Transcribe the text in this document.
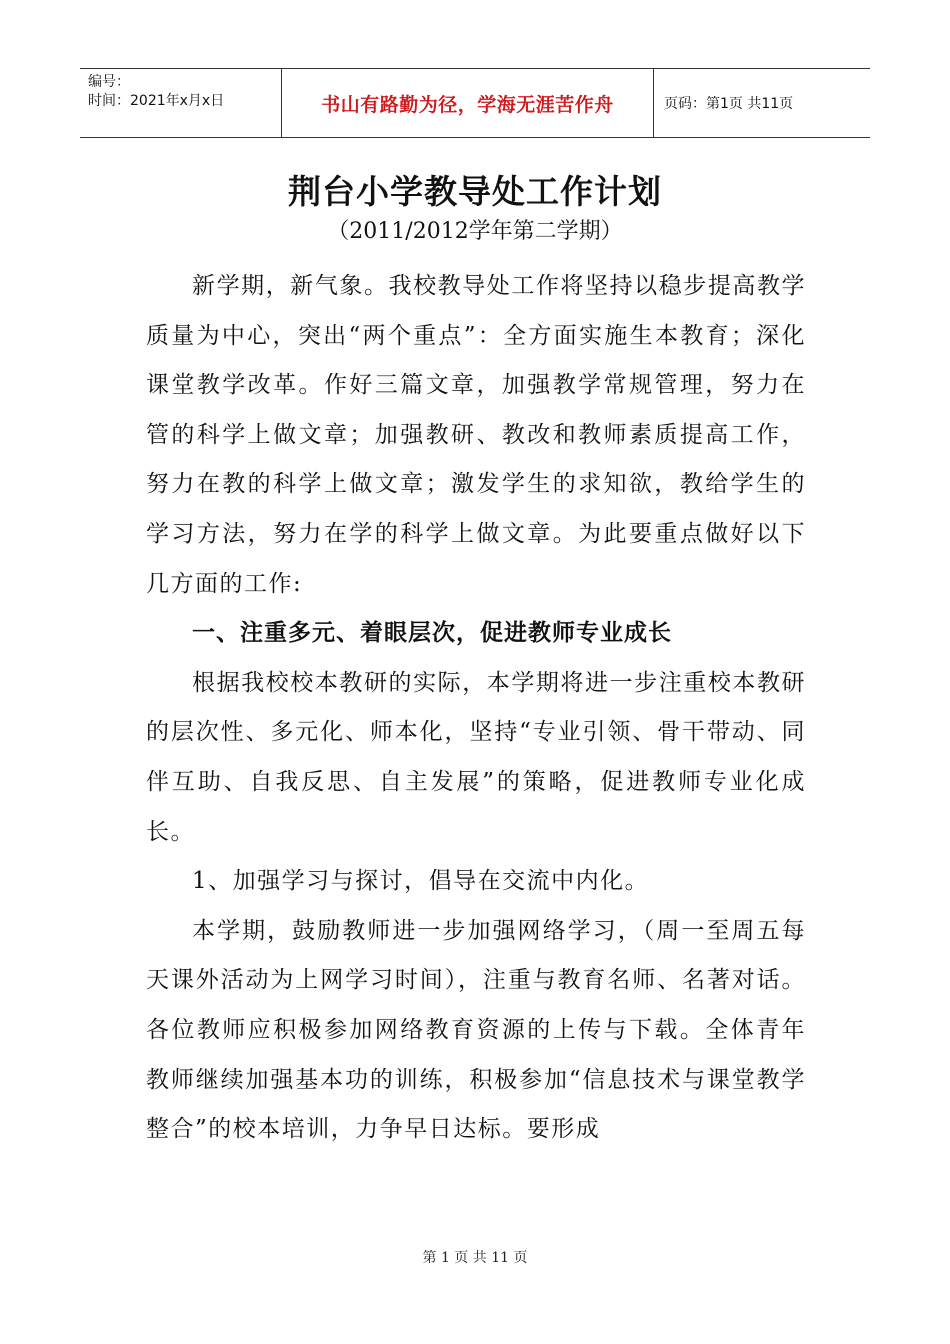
编号：
时间：2021年x月x日	书山有路勤为径，学海无涯苦作舟	页码：第1页 共11页
荆台小学教导处工作计划
（2011/2012学年第二学期）

新学期，新气象。我校教导处工作将坚持以稳步提高教学质量为中心，突出“两个重点”：全方面实施生本教育；深化课堂教学改革。作好三篇文章，加强教学常规管理，努力在管的科学上做文章；加强教研、教改和教师素质提高工作，努力在教的科学上做文章；激发学生的求知欲，教给学生的学习方法，努力在学的科学上做文章。为此要重点做好以下几方面的工作:

一、注重多元、着眼层次，促进教师专业成长

根据我校校本教研的实际，本学期将进一步注重校本教研的层次性、多元化、师本化，坚持“专业引领、骨干带动、同伴互助、自我反思、自主发展”的策略，促进教师专业化成长。

1、加强学习与探讨，倡导在交流中内化。

本学期，鼓励教师进一步加强网络学习，（周一至周五每天课外活动为上网学习时间），注重与教育名师、名著对话。各位教师应积极参加网络教育资源的上传与下载。全体青年教师继续加强基本功的训练，积极参加“信息技术与课堂教学整合”的校本培训，力争早日达标。要形成

第 1 页 共 11 页
